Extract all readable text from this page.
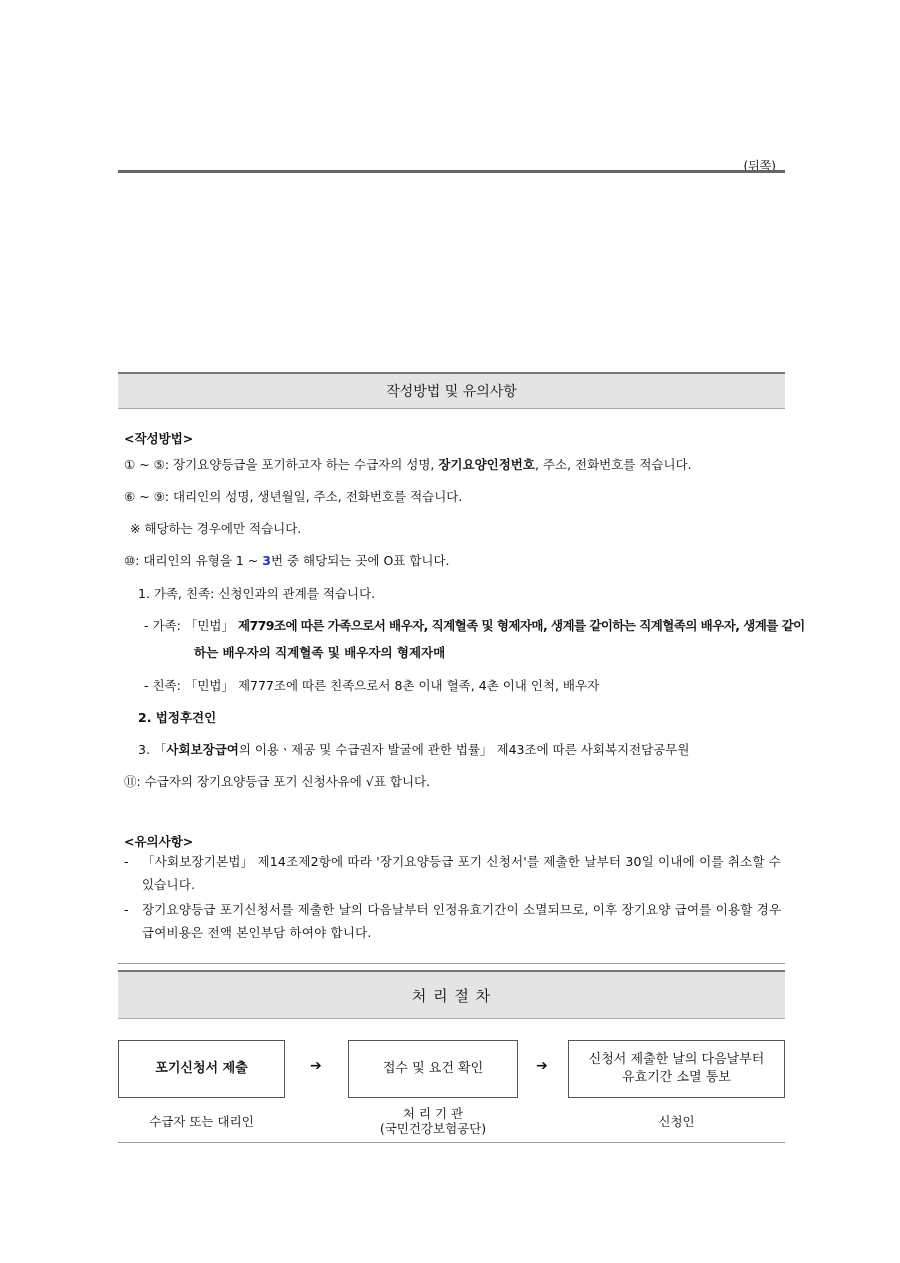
(뒤쪽)
작성방법 및 유의사항
<작성방법>
① ~ ⑤: 장기요양등급을 포기하고자 하는 수급자의 성명, 장기요양인정번호, 주소, 전화번호를 적습니다.
⑥ ~ ⑨: 대리인의 성명, 생년월일, 주소, 전화번호를 적습니다.
※ 해당하는 경우에만 적습니다.
⑩: 대리인의 유형을 1 ~ 3번 중 해당되는 곳에 O표 합니다.
1. 가족, 친족: 신청인과의 관계를 적습니다.
- 가족: 「민법」 제779조에 따른 가족으로서 배우자, 직계혈족 및 형제자매, 생계를 같이하는 직계혈족의 배우자, 생계를 같이
하는 배우자의 직계혈족 및 배우자의 형제자매
- 친족: 「민법」 제777조에 따른 친족으로서 8촌 이내 혈족, 4촌 이내 인척, 배우자
2. 법정후견인
3. 「사회보장급여의 이용ㆍ제공 및 수급권자 발굴에 관한 법률」 제43조에 따른 사회복지전담공무원
⑪: 수급자의 장기요양등급 포기 신청사유에 √표 합니다.
<유의사항>
- 「사회보장기본법」 제14조제2항에 따라 '장기요양등급 포기 신청서'를 제출한 날부터 30일 이내에 이를 취소할 수 있습니다.
- 장기요양등급 포기신청서를 제출한 날의 다음날부터 인정유효기간이 소멸되므로, 이후 장기요양 급여를 이용할 경우 급여비용은 전액 본인부담 하여야 합니다.
처 리 절 차
포기신청서 제출	➔	접수 및 요건 확인	➔	신청서 제출한 날의 다음날부터
유효기간 소멸 통보
수급자 또는 대리인
처 리 기 관
(국민건강보험공단)	신청인
